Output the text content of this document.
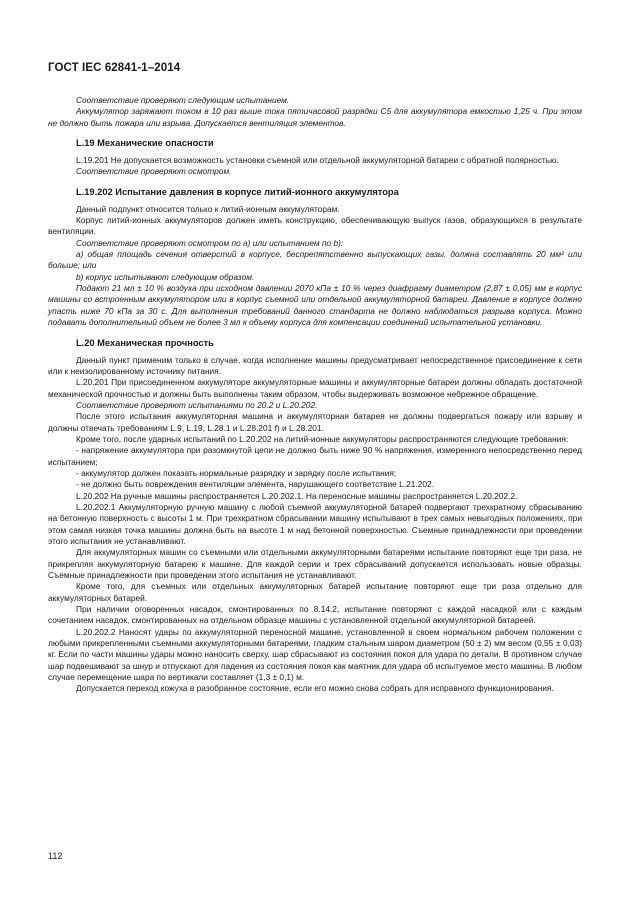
ГОСТ IEC 62841-1–2014

Соответствие проверяют следующим испытанием.

Аккумулятор заряжают током в 10 раз выше тока пятичасовой разрядки С5 для аккумулятора емкостью 1,25 ч. При этом не должно быть пожара или взрыва. Допускается вентиляция элементов.

L.19 Механические опасности

L.19.201 Не допускается возможность установки съемной или отдельной аккумуляторной батареи с обратной полярностью.

Соответствие проверяют осмотром.

L.19.202 Испытание давления в корпусе литий-ионного аккумулятора

Данный подпункт относится только к литий-ионным аккумуляторам.

Корпус литий-ионных аккумуляторов должен иметь конструкцию, обеспечивающую выпуск газов, образующихся в результате вентиляции.

Соответствие проверяют осмотром по а) или испытанием по b):

а) общая площадь сечения отверстий в корпусе, беспрепятственно выпускающих газы, должна составлять 20 мм² или больше; или

b) корпус испытывают следующим образом.

Подают 21 мл ± 10 % воздуха при исходном давлении 2070 кПа ± 10 % через диафрагму диаметром (2,87 ± 0,05) мм в корпус машины со встроенным аккумулятором или в корпус съемной или отдельной аккумуляторной батареи. Давление в корпусе должно упасть ниже 70 кПа за 30 с. Для выполнения требований данного стандарта не должно наблюдаться разрыва корпуса. Можно подавать дополнительный объем не более 3 мл к объему корпуса для компенсации соединений испытательной установки.

L.20 Механическая прочность

Данный пункт применим только в случае, когда исполнение машины предусматривает непосредственное присоединение к сети или к неизолированному источнику питания.

L.20.201 При присоединенном аккумуляторе аккумуляторные машины и аккумуляторные батареи должны обладать достаточной механической прочностью и должны быть выполнены таким образом, чтобы выдерживать возможное небрежное обращение.

Соответствие проверяют испытаниями по 20.2 и L.20.202.

После этого испытания аккумуляторная машина и аккумуляторная батарея не должны подвергаться пожару или взрыву и должны отвечать требованиям L.9, L.19, L.28.1 и L.28.201 f) и L.28.201.

Кроме того, после ударных испытаний по L.20.202 на литий-ионные аккумуляторы распространяются следующие требования:

- напряжение аккумулятора при разомкнутой цепи не должно быть ниже 90 % напряжения, измеренного непосредственно перед испытанием;

- аккумулятор должен показать нормальные разрядку и зарядку после испытания;

- не должно быть повреждения вентиляции элемента, нарушающего соответствие L.21.202.

L.20.202 На ручные машины распространяется L.20.202.1. На переносные машины распространяется L.20.202.2.

L.20.202.1 Аккумуляторную ручную машину с любой съемной аккумуляторной батарей подвергают трехкратному сбрасыванию на бетонную поверхность с высоты 1 м. При трехкратном сбрасывании машину испытывают в трех самых невыгодных положениях, при этом самая низкая точка машины должна быть на высоте 1 м над бетонной поверхностью. Съемные принадлежности при проведении этого испытания не устанавливают.

Для аккумуляторных машин со съемными или отдельными аккумуляторными батареями испытание повторяют еще три раза, не прикрепляя аккумуляторную батарею к машине. Для каждой серии и трех сбрасываний допускается использовать новые образцы. Съемные принадлежности при проведении этого испытания не устанавливают.

Кроме того, для съемных или отдельных аккумуляторных батарей испытание повторяют еще три раза отдельно для аккумуляторных батарей.

При наличии оговоренных насадок, смонтированных по 8.14.2, испытание повторяют с каждой насадкой или с каждым сочетанием насадок, смонтированных на отдельном образце машины с установленной отдельной аккумуляторной батареей.

L.20.202.2 Наносят удары по аккумуляторной переносной машине, установленной в своем нормальном рабочем положении с любыми прикрепленными съемными аккумуляторными батареями, гладким стальным шаром диаметром (50 ± 2) мм весом (0,55 ± 0,03) кг. Если по части машины удары можно наносить сверху, шар сбрасывают из состояния покоя для удара по детали. В противном случае шар подвешивают за шнур и отпускают для падения из состояния покоя как маятник для удара об испытуемое место машины. В любом случае перемещение шара по вертикали составляет (1,3 ± 0,1) м.

Допускается переход кожуха в разобранное состояние, если его можно снова собрать для исправного функционирования.

112
